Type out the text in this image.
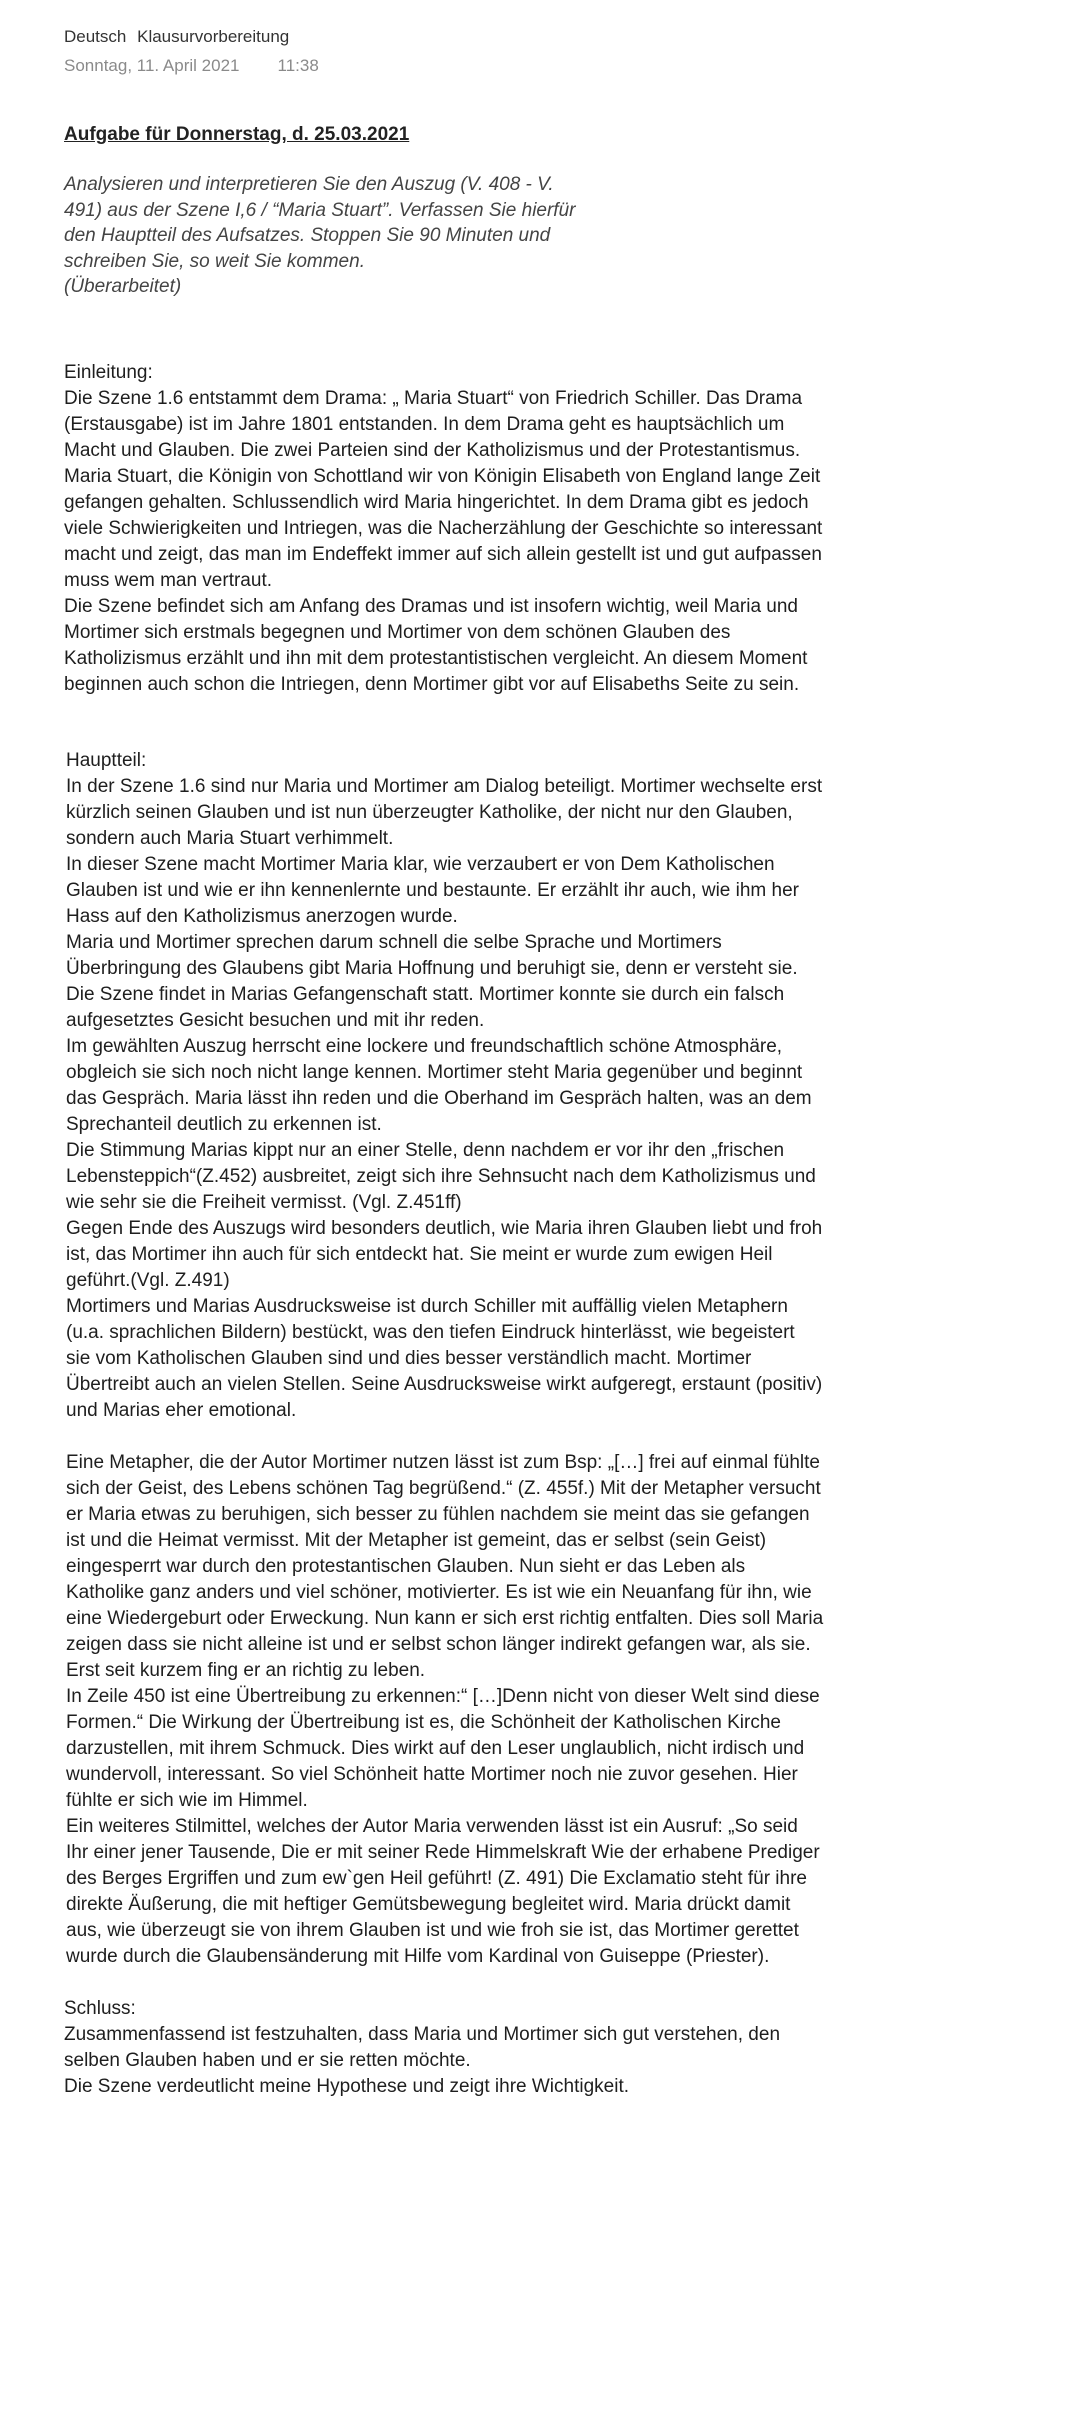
Deutsch Klausurvorbereitung
Sonntag, 11. April 2021 11:38

Aufgabe für Donnerstag, d. 25.03.2021

Analysieren und interpretieren Sie den Auszug (V. 408 - V.
491) aus der Szene I,6 / “Maria Stuart”. Verfassen Sie hierfür
den Hauptteil des Aufsatzes. Stoppen Sie 90 Minuten und
schreiben Sie, so weit Sie kommen.
(Überarbeitet)

Einleitung:

Die Szene 1.6 entstammt dem Drama: „ Maria Stuart“ von Friedrich Schiller. Das Drama (Erstausgabe) ist im Jahre 1801 entstanden. In dem Drama geht es hauptsächlich um Macht und Glauben. Die zwei Parteien sind der Katholizismus und der Protestantismus. Maria Stuart, die Königin von Schottland wir von Königin Elisabeth von England lange Zeit gefangen gehalten. Schlussendlich wird Maria hingerichtet. In dem Drama gibt es jedoch viele Schwierigkeiten und Intriegen, was die Nacherzählung der Geschichte so interessant macht und zeigt, das man im Endeffekt immer auf sich allein gestellt ist und gut aufpassen muss wem man vertraut.

Die Szene befindet sich am Anfang des Dramas und ist insofern wichtig, weil Maria und Mortimer sich erstmals begegnen und Mortimer von dem schönen Glauben des Katholizismus erzählt und ihn mit dem protestantistischen vergleicht. An diesem Moment beginnen auch schon die Intriegen, denn Mortimer gibt vor auf Elisabeths Seite zu sein.

Hauptteil:

In der Szene 1.6 sind nur Maria und Mortimer am Dialog beteiligt. Mortimer wechselte erst kürzlich seinen Glauben und ist nun überzeugter Katholike, der nicht nur den Glauben, sondern auch Maria Stuart verhimmelt.

In dieser Szene macht Mortimer Maria klar, wie verzaubert er von Dem Katholischen Glauben ist und wie er ihn kennenlernte und bestaunte. Er erzählt ihr auch, wie ihm her Hass auf den Katholizismus anerzogen wurde.

Maria und Mortimer sprechen darum schnell die selbe Sprache und Mortimers Überbringung des Glaubens gibt Maria Hoffnung und beruhigt sie, denn er versteht sie.

Die Szene findet in Marias Gefangenschaft statt. Mortimer konnte sie durch ein falsch aufgesetztes Gesicht besuchen und mit ihr reden.

Im gewählten Auszug herrscht eine lockere und freundschaftlich schöne Atmosphäre, obgleich sie sich noch nicht lange kennen. Mortimer steht Maria gegenüber und beginnt das Gespräch. Maria lässt ihn reden und die Oberhand im Gespräch halten, was an dem Sprechanteil deutlich zu erkennen ist.

Die Stimmung Marias kippt nur an einer Stelle, denn nachdem er vor ihr den „frischen Lebensteppich“(Z.452) ausbreitet, zeigt sich ihre Sehnsucht nach dem Katholizismus und wie sehr sie die Freiheit vermisst. (Vgl. Z.451ff)

Gegen Ende des Auszugs wird besonders deutlich, wie Maria ihren Glauben liebt und froh ist, das Mortimer ihn auch für sich entdeckt hat. Sie meint er wurde zum ewigen Heil geführt.(Vgl. Z.491)

Mortimers und Marias Ausdrucksweise ist durch Schiller mit auffällig vielen Metaphern (u.a. sprachlichen Bildern) bestückt, was den tiefen Eindruck hinterlässt, wie begeistert sie vom Katholischen Glauben sind und dies besser verständlich macht. Mortimer Übertreibt auch an vielen Stellen. Seine Ausdrucksweise wirkt aufgeregt, erstaunt (positiv) und Marias eher emotional.

Eine Metapher, die der Autor Mortimer nutzen lässt ist zum Bsp: „[…] frei auf einmal fühlte sich der Geist, des Lebens schönen Tag begrüßend.“ (Z. 455f.) Mit der Metapher versucht er Maria etwas zu beruhigen, sich besser zu fühlen nachdem sie meint das sie gefangen ist und die Heimat vermisst. Mit der Metapher ist gemeint, das er selbst (sein Geist) eingesperrt war durch den protestantischen Glauben. Nun sieht er das Leben als Katholike ganz anders und viel schöner, motivierter. Es ist wie ein Neuanfang für ihn, wie eine Wiedergeburt oder Erweckung. Nun kann er sich erst richtig entfalten. Dies soll Maria zeigen dass sie nicht alleine ist und er selbst schon länger indirekt gefangen war, als sie. Erst seit kurzem fing er an richtig zu leben.

In Zeile 450 ist eine Übertreibung zu erkennen:“ […]Denn nicht von dieser Welt sind diese Formen.“ Die Wirkung der Übertreibung ist es, die Schönheit der Katholischen Kirche darzustellen, mit ihrem Schmuck. Dies wirkt auf den Leser unglaublich, nicht irdisch und wundervoll, interessant. So viel Schönheit hatte Mortimer noch nie zuvor gesehen. Hier fühlte er sich wie im Himmel.

Ein weiteres Stilmittel, welches der Autor Maria verwenden lässt ist ein Ausruf: „So seid Ihr einer jener Tausende, Die er mit seiner Rede Himmelskraft Wie der erhabene Prediger des Berges Ergriffen und zum ew`gen Heil geführt! (Z. 491) Die Exclamatio steht für ihre direkte Äußerung, die mit heftiger Gemütsbewegung begleitet wird. Maria drückt damit aus, wie überzeugt sie von ihrem Glauben ist und wie froh sie ist, das Mortimer gerettet wurde durch die Glaubensänderung mit Hilfe vom Kardinal von Guiseppe (Priester).

Schluss:

Zusammenfassend ist festzuhalten, dass Maria und Mortimer sich gut verstehen, den selben Glauben haben und er sie retten möchte.

Die Szene verdeutlicht meine Hypothese und zeigt ihre Wichtigkeit.
